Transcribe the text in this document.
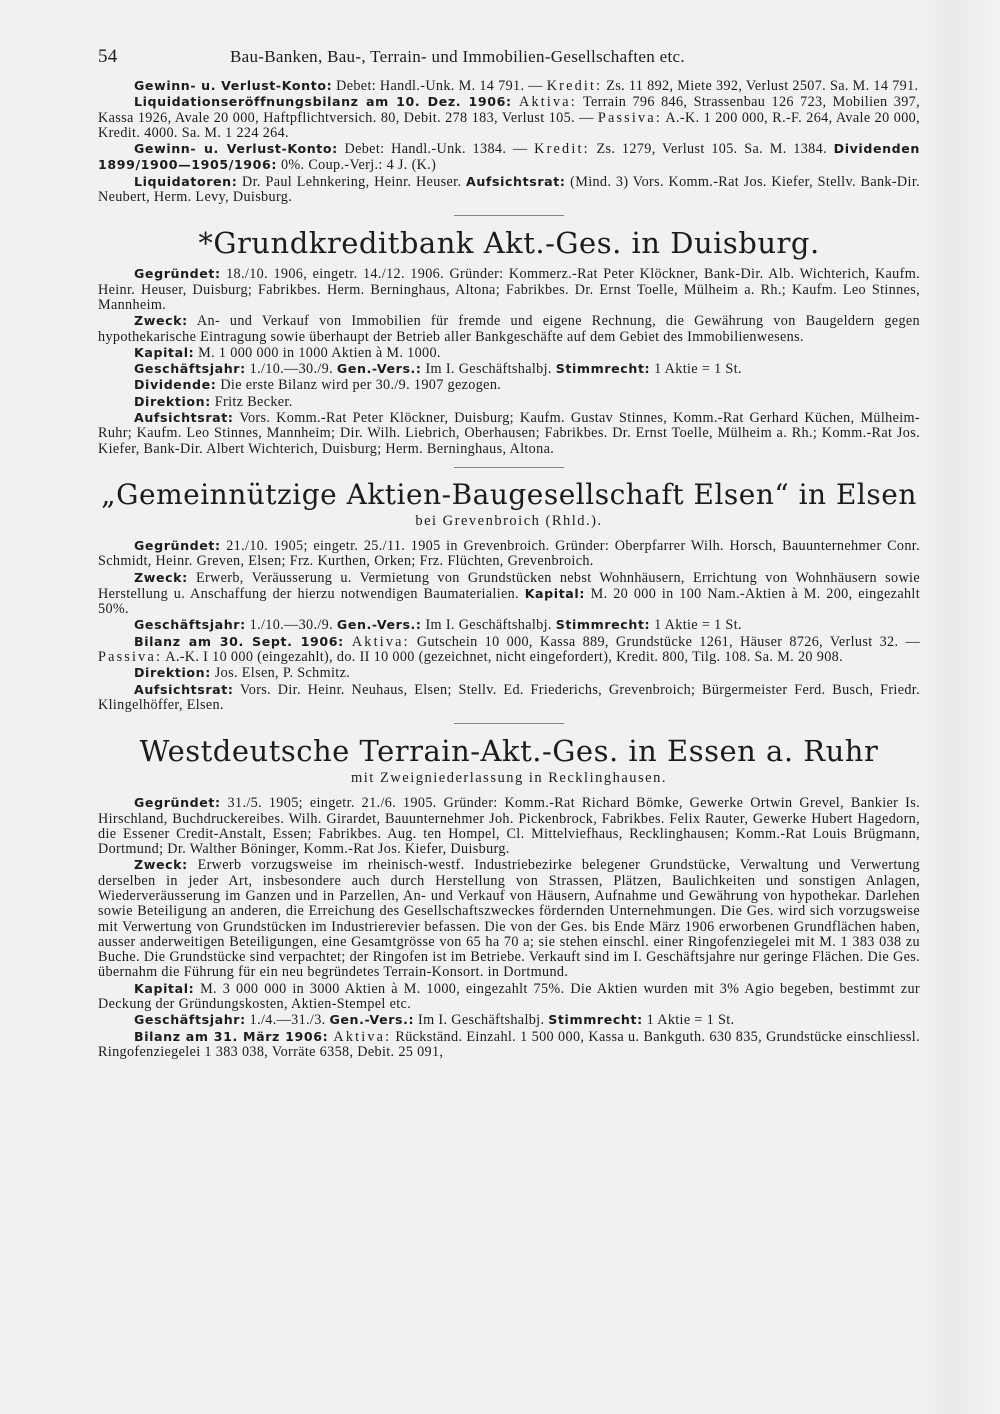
54	Bau-Banken, Bau-, Terrain- und Immobilien-Gesellschaften etc.

Gewinn- u. Verlust-Konto: Debet: Handl.-Unk. M. 14 791. — Kredit: Zs. 11 892, Miete 392, Verlust 2507. Sa. M. 14 791.

Liquidationseröffnungsbilanz am 10. Dez. 1906: Aktiva: Terrain 796 846, Strassenbau 126 723, Mobilien 397, Kassa 1926, Avale 20 000, Haftpflichtversich. 80, Debit. 278 183, Verlust 105. — Passiva: A.-K. 1 200 000, R.-F. 264, Avale 20 000, Kredit. 4000. Sa. M. 1 224 264.

Gewinn- u. Verlust-Konto: Debet: Handl.-Unk. 1384. — Kredit: Zs. 1279, Verlust 105. Sa. M. 1384. Dividenden 1899/1900—1905/1906: 0%. Coup.-Verj.: 4 J. (K.)

Liquidatoren: Dr. Paul Lehnkering, Heinr. Heuser. Aufsichtsrat: (Mind. 3) Vors. Komm.-Rat Jos. Kiefer, Stellv. Bank-Dir. Neubert, Herm. Levy, Duisburg.

*Grundkreditbank Akt.-Ges. in Duisburg.

Gegründet: 18./10. 1906, eingetr. 14./12. 1906. Gründer: Kommerz.-Rat Peter Klöckner, Bank-Dir. Alb. Wichterich, Kaufm. Heinr. Heuser, Duisburg; Fabrikbes. Herm. Berninghaus, Altona; Fabrikbes. Dr. Ernst Toelle, Mülheim a. Rh.; Kaufm. Leo Stinnes, Mannheim.

Zweck: An- und Verkauf von Immobilien für fremde und eigene Rechnung, die Gewährung von Baugeldern gegen hypothekarische Eintragung sowie überhaupt der Betrieb aller Bankgeschäfte auf dem Gebiet des Immobilienwesens.

Kapital: M. 1 000 000 in 1000 Aktien à M. 1000.

Geschäftsjahr: 1./10.—30./9. Gen.-Vers.: Im I. Geschäftshalbj. Stimmrecht: 1 Aktie = 1 St.

Dividende: Die erste Bilanz wird per 30./9. 1907 gezogen.

Direktion: Fritz Becker.

Aufsichtsrat: Vors. Komm.-Rat Peter Klöckner, Duisburg; Kaufm. Gustav Stinnes, Komm.-Rat Gerhard Küchen, Mülheim-Ruhr; Kaufm. Leo Stinnes, Mannheim; Dir. Wilh. Liebrich, Oberhausen; Fabrikbes. Dr. Ernst Toelle, Mülheim a. Rh.; Komm.-Rat Jos. Kiefer, Bank-Dir. Albert Wichterich, Duisburg; Herm. Berninghaus, Altona.

„Gemeinnützige Aktien-Baugesellschaft Elsen“ in Elsen
bei Grevenbroich (Rhld.).

Gegründet: 21./10. 1905; eingetr. 25./11. 1905 in Grevenbroich. Gründer: Oberpfarrer Wilh. Horsch, Bauunternehmer Conr. Schmidt, Heinr. Greven, Elsen; Frz. Kurthen, Orken; Frz. Flüchten, Grevenbroich.

Zweck: Erwerb, Veräusserung u. Vermietung von Grundstücken nebst Wohnhäusern, Errichtung von Wohnhäusern sowie Herstellung u. Anschaffung der hierzu notwendigen Baumaterialien. Kapital: M. 20 000 in 100 Nam.-Aktien à M. 200, eingezahlt 50%.

Geschäftsjahr: 1./10.—30./9. Gen.-Vers.: Im I. Geschäftshalbj. Stimmrecht: 1 Aktie = 1 St.

Bilanz am 30. Sept. 1906: Aktiva: Gutschein 10 000, Kassa 889, Grundstücke 1261, Häuser 8726, Verlust 32. — Passiva: A.-K. I 10 000 (eingezahlt), do. II 10 000 (gezeichnet, nicht eingefordert), Kredit. 800, Tilg. 108. Sa. M. 20 908.

Direktion: Jos. Elsen, P. Schmitz.

Aufsichtsrat: Vors. Dir. Heinr. Neuhaus, Elsen; Stellv. Ed. Friederichs, Grevenbroich; Bürgermeister Ferd. Busch, Friedr. Klingelhöffer, Elsen.

Westdeutsche Terrain-Akt.-Ges. in Essen a. Ruhr
mit Zweigniederlassung in Recklinghausen.

Gegründet: 31./5. 1905; eingetr. 21./6. 1905. Gründer: Komm.-Rat Richard Bömke, Gewerke Ortwin Grevel, Bankier Is. Hirschland, Buchdruckereibes. Wilh. Girardet, Bauunternehmer Joh. Pickenbrock, Fabrikbes. Felix Rauter, Gewerke Hubert Hagedorn, die Essener Credit-Anstalt, Essen; Fabrikbes. Aug. ten Hompel, Cl. Mittelviefhaus, Recklinghausen; Komm.-Rat Louis Brügmann, Dortmund; Dr. Walther Böninger, Komm.-Rat Jos. Kiefer, Duisburg.

Zweck: Erwerb vorzugsweise im rheinisch-westf. Industriebezirke belegener Grundstücke, Verwaltung und Verwertung derselben in jeder Art, insbesondere auch durch Herstellung von Strassen, Plätzen, Baulichkeiten und sonstigen Anlagen, Wiederveräusserung im Ganzen und in Parzellen, An- und Verkauf von Häusern, Aufnahme und Gewährung von hypothekar. Darlehen sowie Beteiligung an anderen, die Erreichung des Gesellschaftszweckes fördernden Unternehmungen. Die Ges. wird sich vorzugsweise mit Verwertung von Grundstücken im Industrierevier befassen. Die von der Ges. bis Ende März 1906 erworbenen Grundflächen haben, ausser anderweitigen Beteiligungen, eine Gesamtgrösse von 65 ha 70 a; sie stehen einschl. einer Ringofenziegelei mit M. 1 383 038 zu Buche. Die Grundstücke sind verpachtet; der Ringofen ist im Betriebe. Verkauft sind im I. Geschäftsjahre nur geringe Flächen. Die Ges. übernahm die Führung für ein neu begründetes Terrain-Konsort. in Dortmund.

Kapital: M. 3 000 000 in 3000 Aktien à M. 1000, eingezahlt 75%. Die Aktien wurden mit 3% Agio begeben, bestimmt zur Deckung der Gründungskosten, Aktien-Stempel etc.

Geschäftsjahr: 1./4.—31./3. Gen.-Vers.: Im I. Geschäftshalbj. Stimmrecht: 1 Aktie = 1 St.

Bilanz am 31. März 1906: Aktiva: Rückständ. Einzahl. 1 500 000, Kassa u. Bankguth. 630 835, Grundstücke einschliessl. Ringofenziegelei 1 383 038, Vorräte 6358, Debit. 25 091,
